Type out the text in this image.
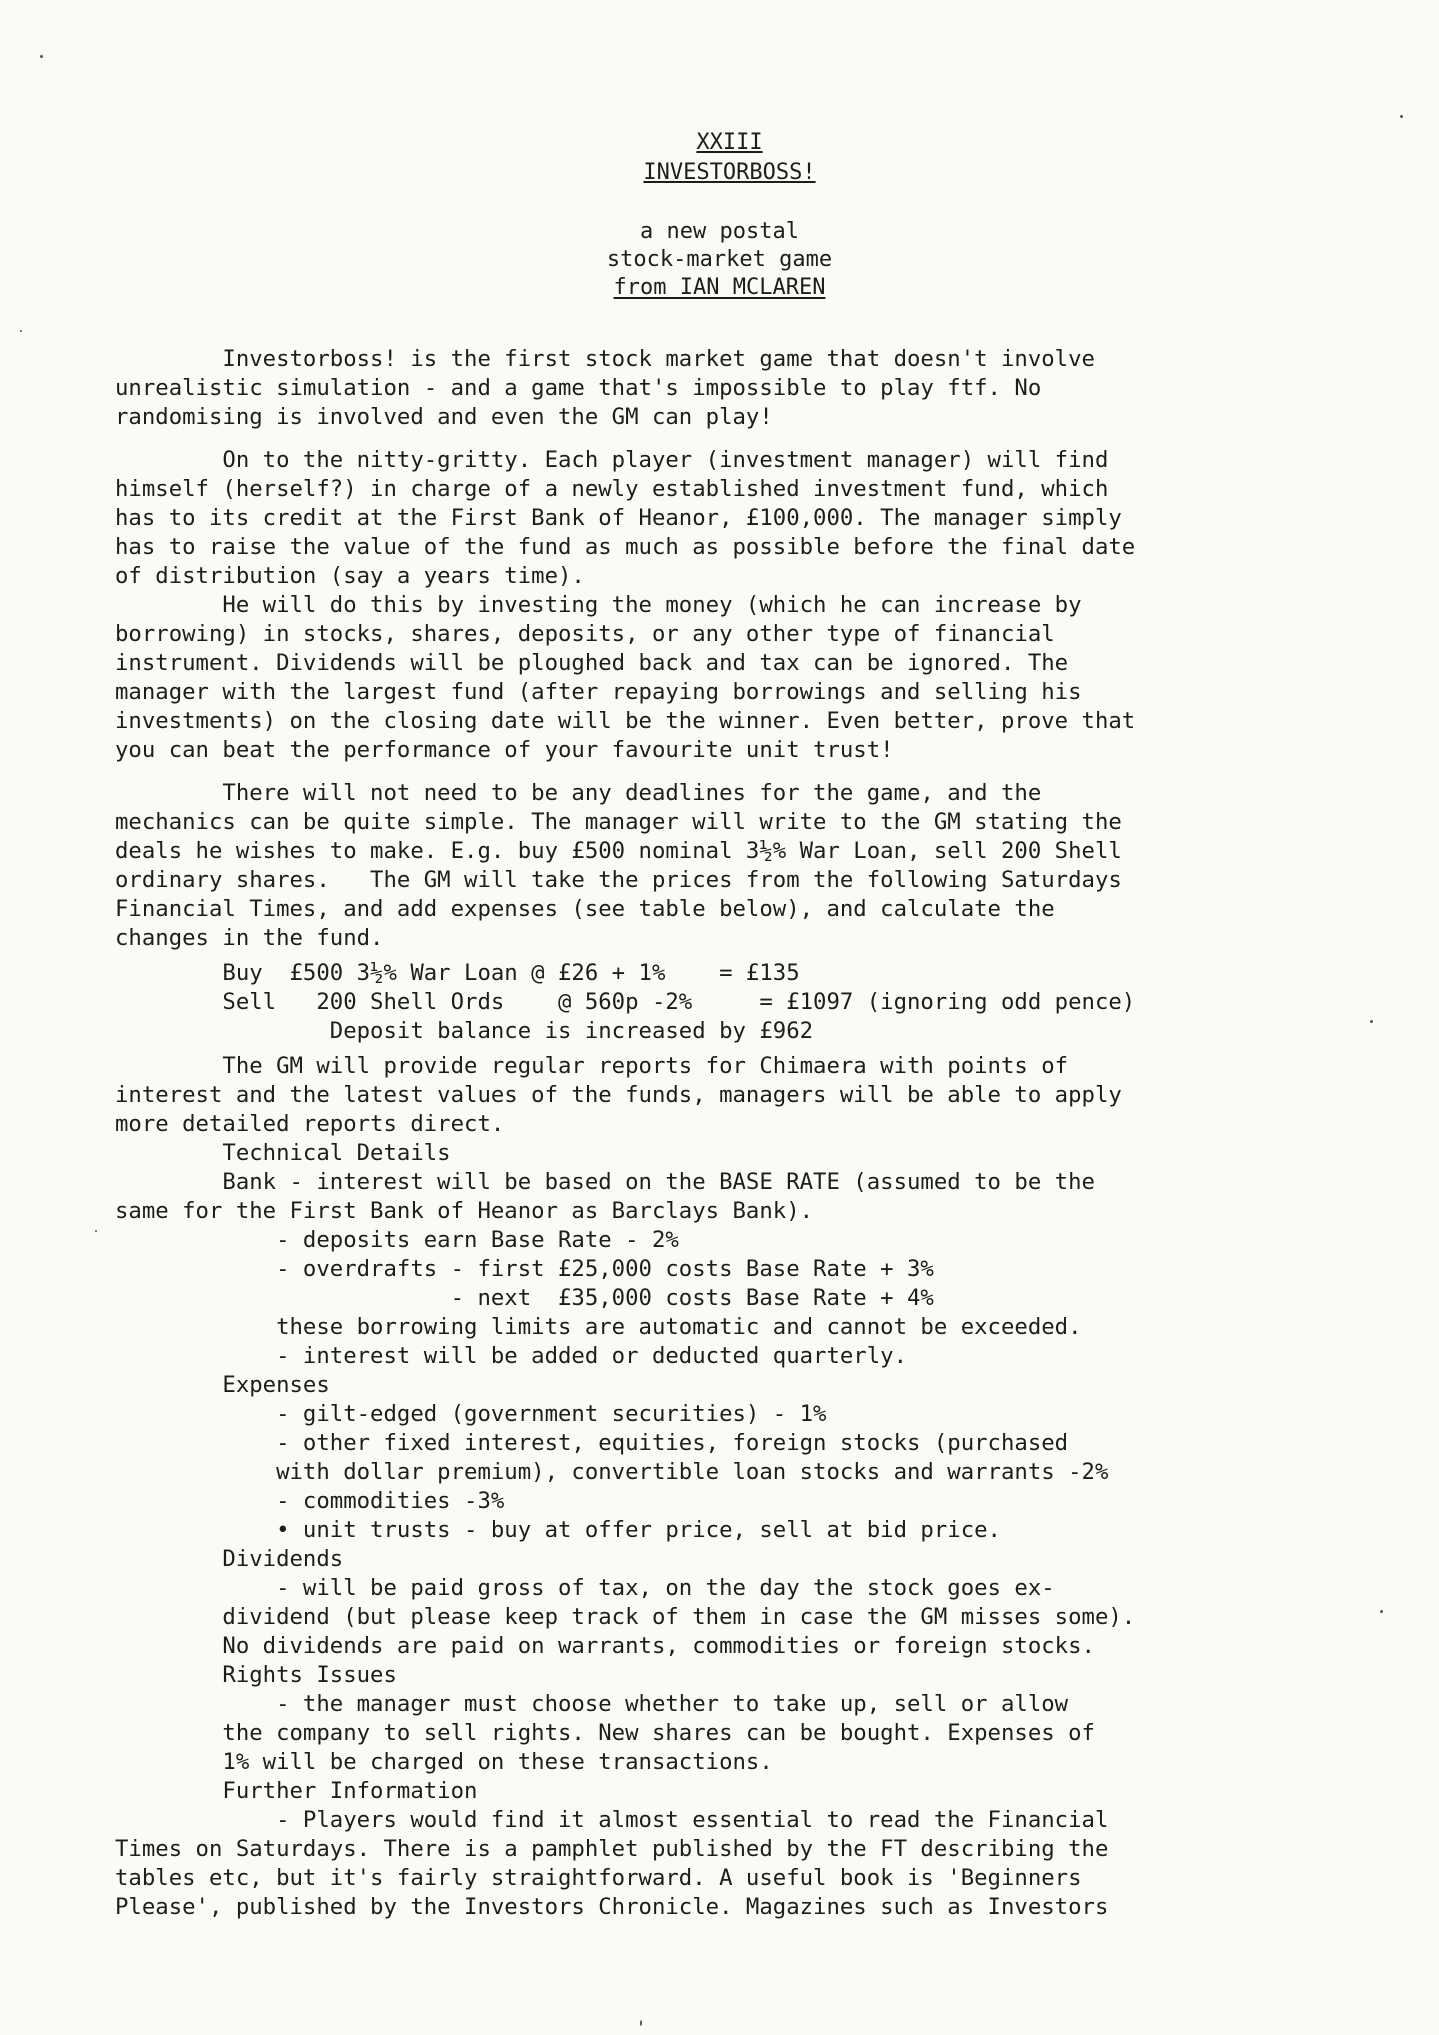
XXIII
INVESTORBOSS!
a new postal
stock-market game
from IAN MCLAREN
Investorboss! is the first stock market game that doesn't involve
unrealistic simulation - and a game that's impossible to play ftf. No
randomising is involved and even the GM can play!
On to the nitty-gritty. Each player (investment manager) will find
himself (herself?) in charge of a newly established investment fund, which
has to its credit at the First Bank of Heanor, £100,000. The manager simply
has to raise the value of the fund as much as possible before the final date
of distribution (say a years time).
He will do this by investing the money (which he can increase by
borrowing) in stocks, shares, deposits, or any other type of financial
instrument. Dividends will be ploughed back and tax can be ignored. The
manager with the largest fund (after repaying borrowings and selling his
investments) on the closing date will be the winner. Even better, prove that
you can beat the performance of your favourite unit trust!
There will not need to be any deadlines for the game, and the
mechanics can be quite simple. The manager will write to the GM stating the
deals he wishes to make. E.g. buy £500 nominal 3½% War Loan, sell 200 Shell
ordinary shares.   The GM will take the prices from the following Saturdays
Financial Times, and add expenses (see table below), and calculate the
changes in the fund.
Buy  £500 3½% War Loan @ £26 + 1%    = £135
Sell   200 Shell Ords    @ 560p -2%     = £1097 (ignoring odd pence)
Deposit balance is increased by £962
The GM will provide regular reports for Chimaera with points of
interest and the latest values of the funds, managers will be able to apply
more detailed reports direct.
Technical Details
Bank - interest will be based on the BASE RATE (assumed to be the
same for the First Bank of Heanor as Barclays Bank).
- deposits earn Base Rate - 2%
- overdrafts - first £25,000 costs Base Rate + 3%
- next  £35,000 costs Base Rate + 4%
these borrowing limits are automatic and cannot be exceeded.
- interest will be added or deducted quarterly.
Expenses
- gilt-edged (government securities) - 1%
- other fixed interest, equities, foreign stocks (purchased
with dollar premium), convertible loan stocks and warrants -2%
- commodities -3%
• unit trusts - buy at offer price, sell at bid price.
Dividends
- will be paid gross of tax, on the day the stock goes ex-
dividend (but please keep track of them in case the GM misses some).
No dividends are paid on warrants, commodities or foreign stocks.
Rights Issues
- the manager must choose whether to take up, sell or allow
the company to sell rights. New shares can be bought. Expenses of
1% will be charged on these transactions.
Further Information
- Players would find it almost essential to read the Financial
Times on Saturdays. There is a pamphlet published by the FT describing the
tables etc, but it's fairly straightforward. A useful book is 'Beginners
Please', published by the Investors Chronicle. Magazines such as Investors
